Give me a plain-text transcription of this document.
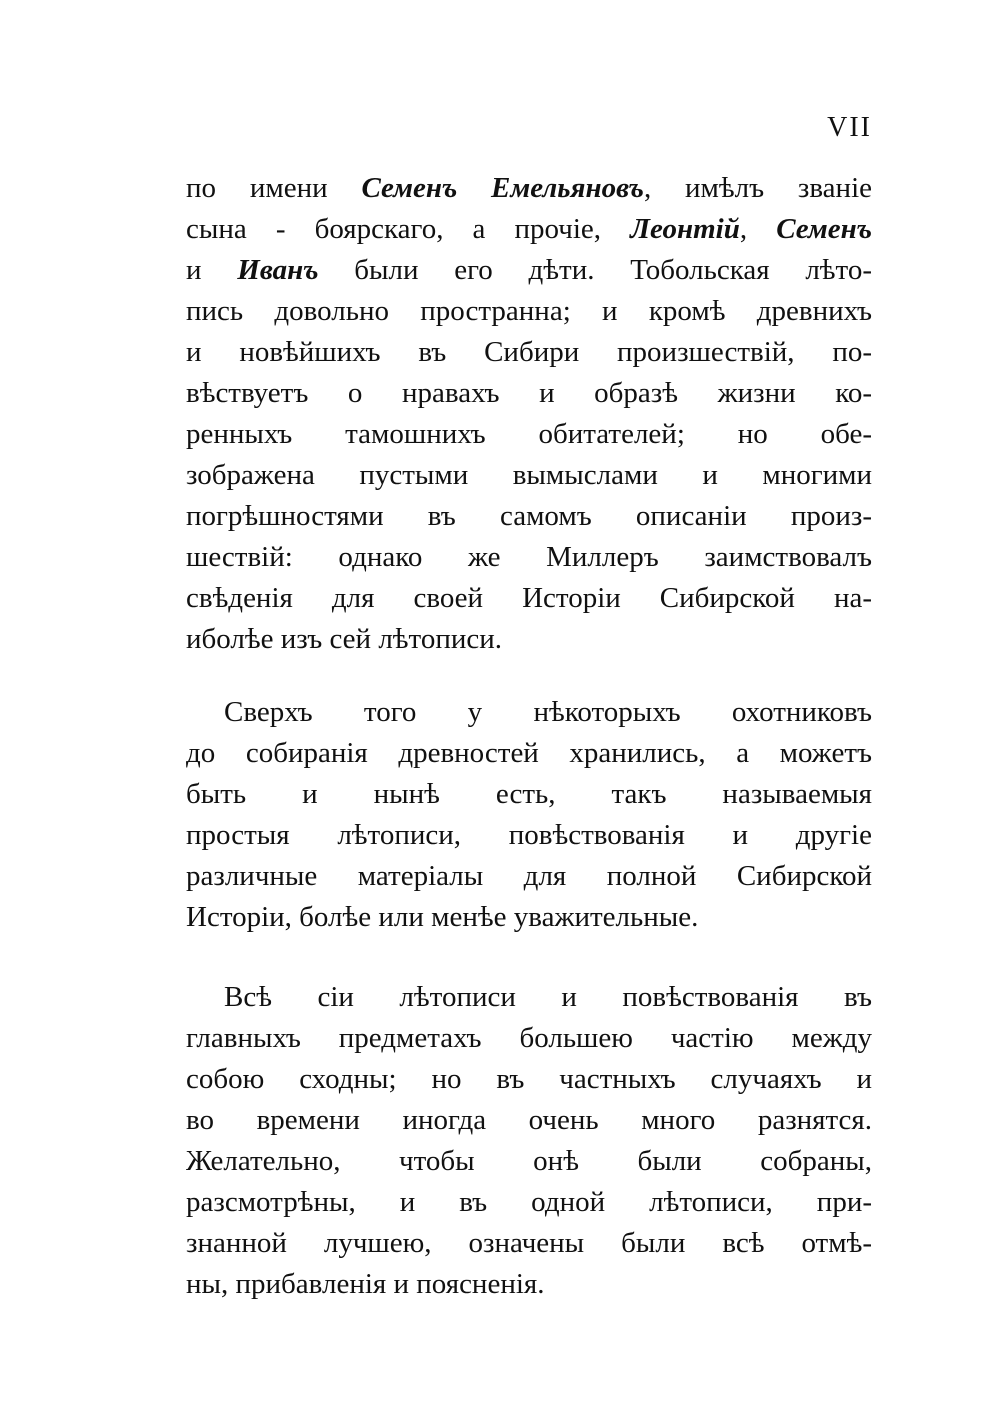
VII
по имени Семенъ Емельяновъ, имѣлъ званіе
сына - боярскаго, а прочіе, Леонтій, Семенъ
и Иванъ были его дѣти. Тобольская лѣто-
пись довольно пространна; и кромѣ древнихъ
и новѣйшихъ въ Сибири произшествій, по-
вѣствуетъ о нравахъ и образѣ жизни ко-
ренныхъ тамошнихъ обитателей; но обе-
зображена пустыми вымыслами и многими
погрѣшностями въ самомъ описаніи произ-
шествій: однако же Миллеръ заимствовалъ
свѣденія для своей Исторіи Сибирской на-
иболѣе изъ сей лѣтописи.
Сверхъ того у нѣкоторыхъ охотниковъ
до собиранія древностей хранились, а можетъ
быть и нынѣ есть, такъ называемыя
простыя лѣтописи, повѣствованія и другіе
различные матеріалы для полной Сибирской
Исторіи, болѣе или менѣе уважительные.
Всѣ сіи лѣтописи и повѣствованія въ
главныхъ предметахъ большею частію между
собою сходны; но въ частныхъ случаяхъ и
во времени иногда очень много разнятся.
Желательно, чтобы онѣ были собраны,
разсмотрѣны, и въ одной лѣтописи, при-
знанной лучшею, означены были всѣ отмѣ-
ны, прибавленія и поясненія.
